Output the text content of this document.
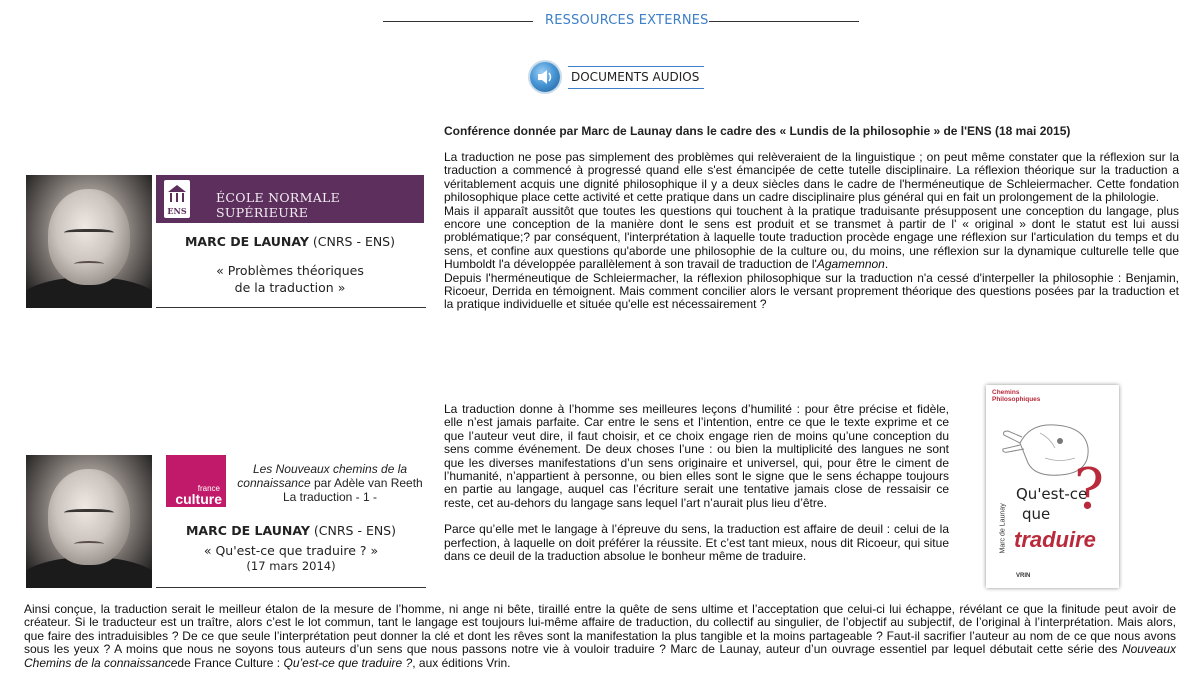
RESSOURCES EXTERNES
DOCUMENTS AUDIOS
ENS
ÉCOLE NORMALE SUPÉRIEURE
MARC DE LAUNAY (CNRS - ENS)
« Problèmes théoriques
de la traduction »
Conférence donnée par Marc de Launay dans le cadre des « Lundis de la philosophie » de l'ENS (18 mai 2015)
La traduction ne pose pas simplement des problèmes qui relèveraient de la linguistique ; on peut même constater que la réflexion sur la traduction a commencé à progressé quand elle s'est émancipée de cette tutelle disciplinaire. La réflexion théorique sur la traduction a véritablement acquis une dignité philosophique il y a deux siècles dans le cadre de l'herméneutique de Schleiermacher. Cette fondation philosophique place cette activité et cette pratique dans un cadre disciplinaire plus général qui en fait un prolongement de la philologie.
Mais il apparaît aussitôt que toutes les questions qui touchent à la pratique traduisante présupposent une conception du langage, plus encore une conception de la manière dont le sens est produit et se transmet à partir de l' « original » dont le statut est lui aussi problématique;? par conséquent, l'interprétation à laquelle toute traduction procède engage une réflexion sur l'articulation du temps et du sens, et confine aux questions qu'aborde une philosophie de la culture ou, du moins, une réflexion sur la dynamique culturelle telle que Humboldt l'a développée parallèlement à son travail de traduction de l'Agamemnon.
Depuis l'herméneutique de Schleiermacher, la réflexion philosophique sur la traduction n'a cessé d'interpeller la philosophie : Benjamin, Ricoeur, Derrida en témoignent. Mais comment concilier alors le versant proprement théorique des questions posées par la traduction et la pratique individuelle et située qu'elle est nécessairement ?
france
culture
Les Nouveaux chemins de la connaissance par Adèle van Reeth
La traduction - 1 -
MARC DE LAUNAY (CNRS - ENS)
« Qu'est-ce que traduire ? »
(17 mars 2014)
La traduction donne à l’homme ses meilleures leçons d’humilité : pour être précise et fidèle, elle n’est jamais parfaite. Car entre le sens et l’intention, entre ce que le texte exprime et ce que l’auteur veut dire, il faut choisir, et ce choix engage rien de moins qu’une conception du sens comme événement. De deux choses l’une : ou bien la multiplicité des langues ne sont que les diverses manifestations d’un sens originaire et universel, qui, pour être le ciment de l’humanité, n’appartient à personne, ou bien elles sont le signe que le sens échappe toujours en partie au langage, auquel cas l’écriture serait une tentative jamais close de ressaisir ce reste, cet au-dehors du langage sans lequel l’art n’aurait plus lieu d’être.
Parce qu’elle met le langage à l’épreuve du sens, la traduction est affaire de deuil : celui de la perfection, à laquelle on doit préférer la réussite. Et c’est tant mieux, nous dit Ricoeur, qui situe dans ce deuil de la traduction absolue le bonheur même de traduire.
Chemins Philosophiques
Marc de Launay
?
Qu'est-ce
que
traduire
VRIN
Ainsi conçue, la traduction serait le meilleur étalon de la mesure de l’homme, ni ange ni bête, tiraillé entre la quête de sens ultime et l’acceptation que celui-ci lui échappe, révélant ce que la finitude peut avoir de créateur. Si le traducteur est un traître, alors c’est le lot commun, tant le langage est toujours lui-même affaire de traduction, du collectif au singulier, de l’objectif au subjectif, de l’original à l’interprétation. Mais alors, que faire des intraduisibles ? De ce que seule l’interprétation peut donner la clé et dont les rêves sont la manifestation la plus tangible et la moins partageable ? Faut-il sacrifier l’auteur au nom de ce que nous avons sous les yeux ? A moins que nous ne soyons tous auteurs d’un sens que nous passons notre vie à vouloir traduire ? Marc de Launay, auteur d’un ouvrage essentiel par lequel débutait cette série des Nouveaux Chemins de la connaissancede France Culture : Qu’est-ce que traduire ?, aux éditions Vrin.
